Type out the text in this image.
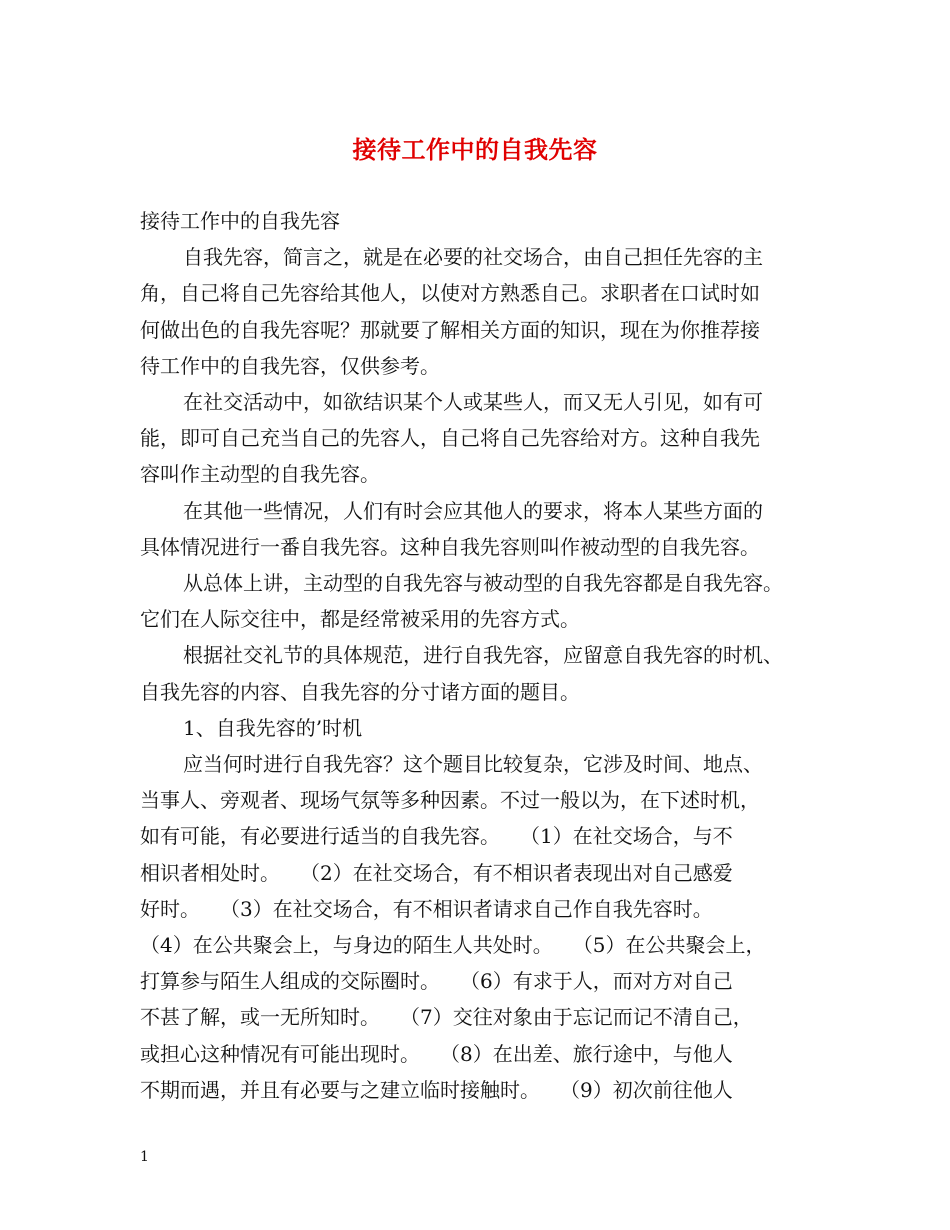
接待工作中的自我先容

接待工作中的自我先容

自我先容，简言之，就是在必要的社交场合，由自己担任先容的主

角，自己将自己先容给其他人，以使对方熟悉自己。求职者在口试时如

何做出色的自我先容呢？那就要了解相关方面的知识，现在为你推荐接

待工作中的自我先容，仅供参考。

在社交活动中，如欲结识某个人或某些人，而又无人引见，如有可

能，即可自己充当自己的先容人，自己将自己先容给对方。这种自我先

容叫作主动型的自我先容。

在其他一些情况，人们有时会应其他人的要求，将本人某些方面的

具体情况进行一番自我先容。这种自我先容则叫作被动型的自我先容。

从总体上讲，主动型的自我先容与被动型的自我先容都是自我先容。

它们在人际交往中，都是经常被采用的先容方式。

根据社交礼节的具体规范，进行自我先容，应留意自我先容的时机、

自我先容的内容、自我先容的分寸诸方面的题目。

1、自我先容的’时机

应当何时进行自我先容？这个题目比较复杂，它涉及时间、地点、

当事人、旁观者、现场气氛等多种因素。不过一般以为，在下述时机，

如有可能，有必要进行适当的自我先容。　　（1）在社交场合，与不

相识者相处时。　　（2）在社交场合，有不相识者表现出对自己感爱

好时。　　（3）在社交场合，有不相识者请求自己作自我先容时。

（4）在公共聚会上，与身边的陌生人共处时。　　（5）在公共聚会上，

打算参与陌生人组成的交际圈时。　　（6）有求于人，而对方对自己

不甚了解，或一无所知时。　　（7）交往对象由于忘记而记不清自己，

或担心这种情况有可能出现时。　　（8）在出差、旅行途中，与他人

不期而遇，并且有必要与之建立临时接触时。　　（9）初次前往他人

1
